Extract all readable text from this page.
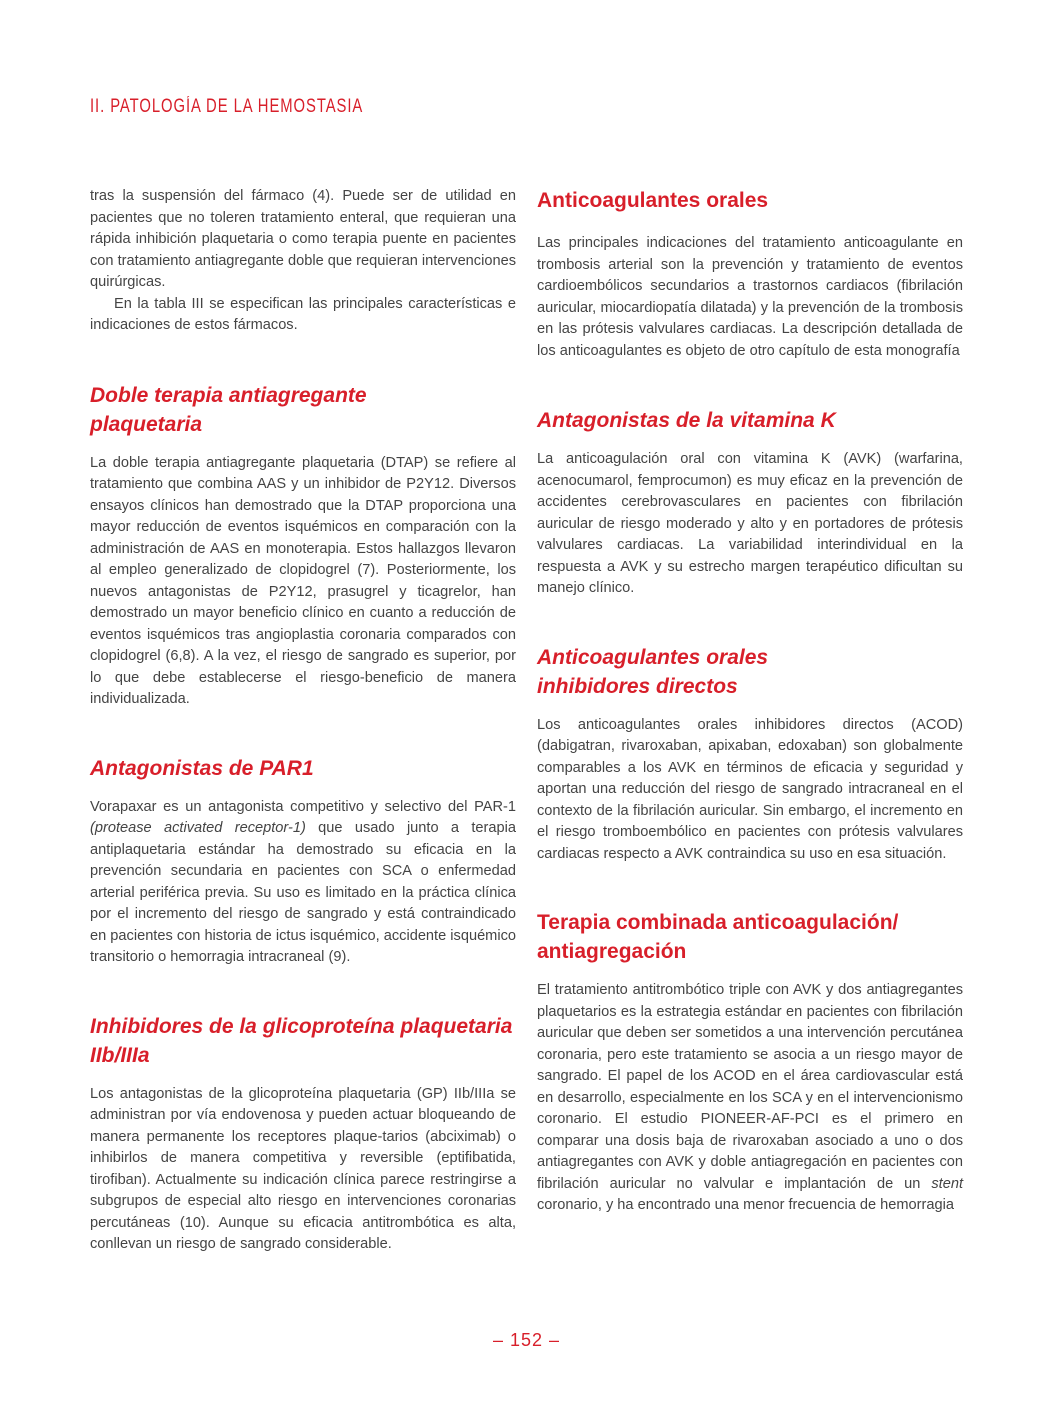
II. PATOLOGÍA DE LA HEMOSTASIA

tras la suspensión del fármaco (4). Puede ser de utilidad en pacientes que no toleren tratamiento enteral, que requieran una rápida inhibición plaquetaria o como terapia puente en pacientes con tratamiento antiagregante doble que requieran intervenciones quirúrgicas.

En la tabla III se especifican las principales características e indicaciones de estos fármacos.

Doble terapia antiagregante plaquetaria

La doble terapia antiagregante plaquetaria (DTAP) se refiere al tratamiento que combina AAS y un inhibidor de P2Y12. Diversos ensayos clínicos han demostrado que la DTAP proporciona una mayor reducción de eventos isquémicos en comparación con la administración de AAS en monoterapia. Estos hallazgos llevaron al empleo generalizado de clopidogrel (7). Posteriormente, los nuevos antagonistas de P2Y12, prasugrel y ticagrelor, han demostrado un mayor beneficio clínico en cuanto a reducción de eventos isquémicos tras angioplastia coronaria comparados con clopidogrel (6,8). A la vez, el riesgo de sangrado es superior, por lo que debe establecerse el riesgo-beneficio de manera individualizada.

Antagonistas de PAR1

Vorapaxar es un antagonista competitivo y selectivo del PAR-1 (protease activated receptor-1) que usado junto a terapia antiplaquetaria estándar ha demostrado su eficacia en la prevención secundaria en pacientes con SCA o enfermedad arterial periférica previa. Su uso es limitado en la práctica clínica por el incremento del riesgo de sangrado y está contraindicado en pacientes con historia de ictus isquémico, accidente isquémico transitorio o hemorragia intracraneal (9).

Inhibidores de la glicoproteína plaquetaria IIb/IIIa

Los antagonistas de la glicoproteína plaquetaria (GP) IIb/IIIa se administran por vía endovenosa y pueden actuar bloqueando de manera permanente los receptores plaque-tarios (abciximab) o inhibirlos de manera competitiva y reversible (eptifibatida, tirofiban). Actualmente su indicación clínica parece restringirse a subgrupos de especial alto riesgo en intervenciones coronarias percutáneas (10). Aunque su eficacia antitrombótica es alta, conllevan un riesgo de sangrado considerable.

Anticoagulantes orales

Las principales indicaciones del tratamiento anticoagulante en trombosis arterial son la prevención y tratamiento de eventos cardioembólicos secundarios a trastornos cardiacos (fibrilación auricular, miocardiopatía dilatada) y la prevención de la trombosis en las prótesis valvulares cardiacas. La descripción detallada de los anticoagulantes es objeto de otro capítulo de esta monografía

Antagonistas de la vitamina K

La anticoagulación oral con vitamina K (AVK) (warfarina, acenocumarol, femprocumon) es muy eficaz en la prevención de accidentes cerebrovasculares en pacientes con fibrilación auricular de riesgo moderado y alto y en portadores de prótesis valvulares cardiacas. La variabilidad interindividual en la respuesta a AVK y su estrecho margen terapéutico dificultan su manejo clínico.

Anticoagulantes orales inhibidores directos

Los anticoagulantes orales inhibidores directos (ACOD) (dabigatran, rivaroxaban, apixaban, edoxaban) son globalmente comparables a los AVK en términos de eficacia y seguridad y aportan una reducción del riesgo de sangrado intracraneal en el contexto de la fibrilación auricular. Sin embargo, el incremento en el riesgo tromboembólico en pacientes con prótesis valvulares cardiacas respecto a AVK contraindica su uso en esa situación.

Terapia combinada anticoagulación/ antiagregación

El tratamiento antitrombótico triple con AVK y dos antiagregantes plaquetarios es la estrategia estándar en pacientes con fibrilación auricular que deben ser sometidos a una intervención percutánea coronaria, pero este tratamiento se asocia a un riesgo mayor de sangrado. El papel de los ACOD en el área cardiovascular está en desarrollo, especialmente en los SCA y en el intervencionismo coronario. El estudio PIONEER-AF-PCI es el primero en comparar una dosis baja de rivaroxaban asociado a uno o dos antiagregantes con AVK y doble antiagregación en pacientes con fibrilación auricular no valvular e implantación de un stent coronario, y ha encontrado una menor frecuencia de hemorragia

– 152 –
